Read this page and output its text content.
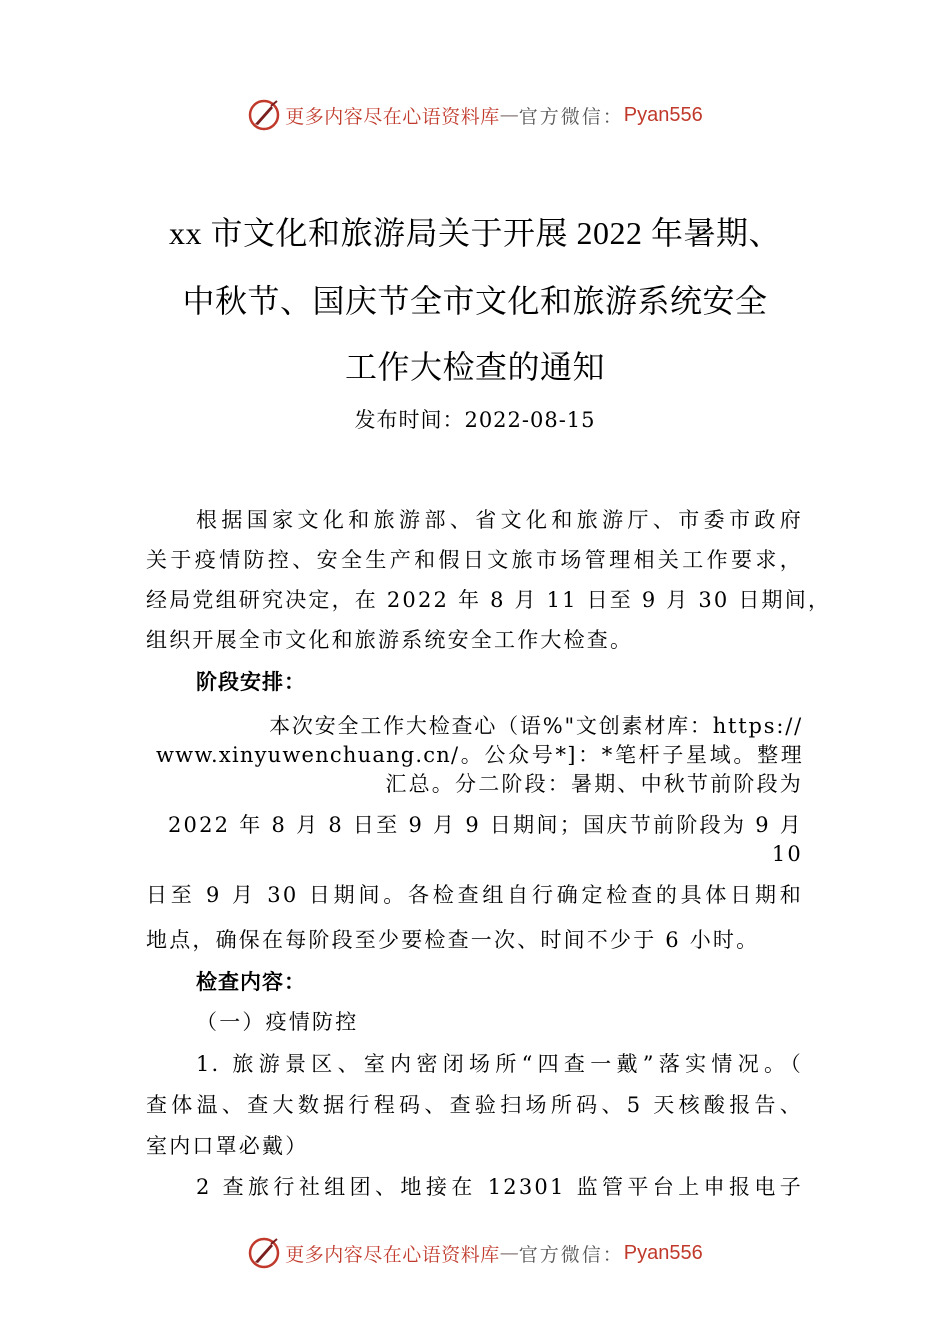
更多内容尽在心语资料库 — 官方微信： Pyan556
xx 市文化和旅游局关于开展 2022 年暑期、
中秋节、国庆节全市文化和旅游系统安全
工作大检查的通知
发布时间：2022-08-15
根据国家文化和旅游部、省文化和旅游厅、市委市政府
关于疫情防控、安全生产和假日文旅市场管理相关工作要求，
经局党组研究决定，在 2022 年 8 月 11 日至 9 月 30 日期间，
组织开展全市文化和旅游系统安全工作大检查。
阶段安排：
本次安全工作大检查心（语%"文创素材库：https://
www.xinyuwenchuang.cn/。公众号*]：*笔杆子星域。整理
汇总。分二阶段：暑期、中秋节前阶段为
2022 年 8 月 8 日至 9 月 9 日期间；国庆节前阶段为 9 月
10
日至 9 月 30 日期间。各检查组自行确定检查的具体日期和
地点，确保在每阶段至少要检查一次、时间不少于 6 小时。
检查内容：
（一）疫情防控
1. 旅游景区、室内密闭场所“四查一戴”落实情况。（
查体温、查大数据行程码、查验扫场所码、5 天核酸报告、
室内口罩必戴）
2 查旅行社组团、地接在 12301 监管平台上申报电子
更多内容尽在心语资料库 — 官方微信： Pyan556
